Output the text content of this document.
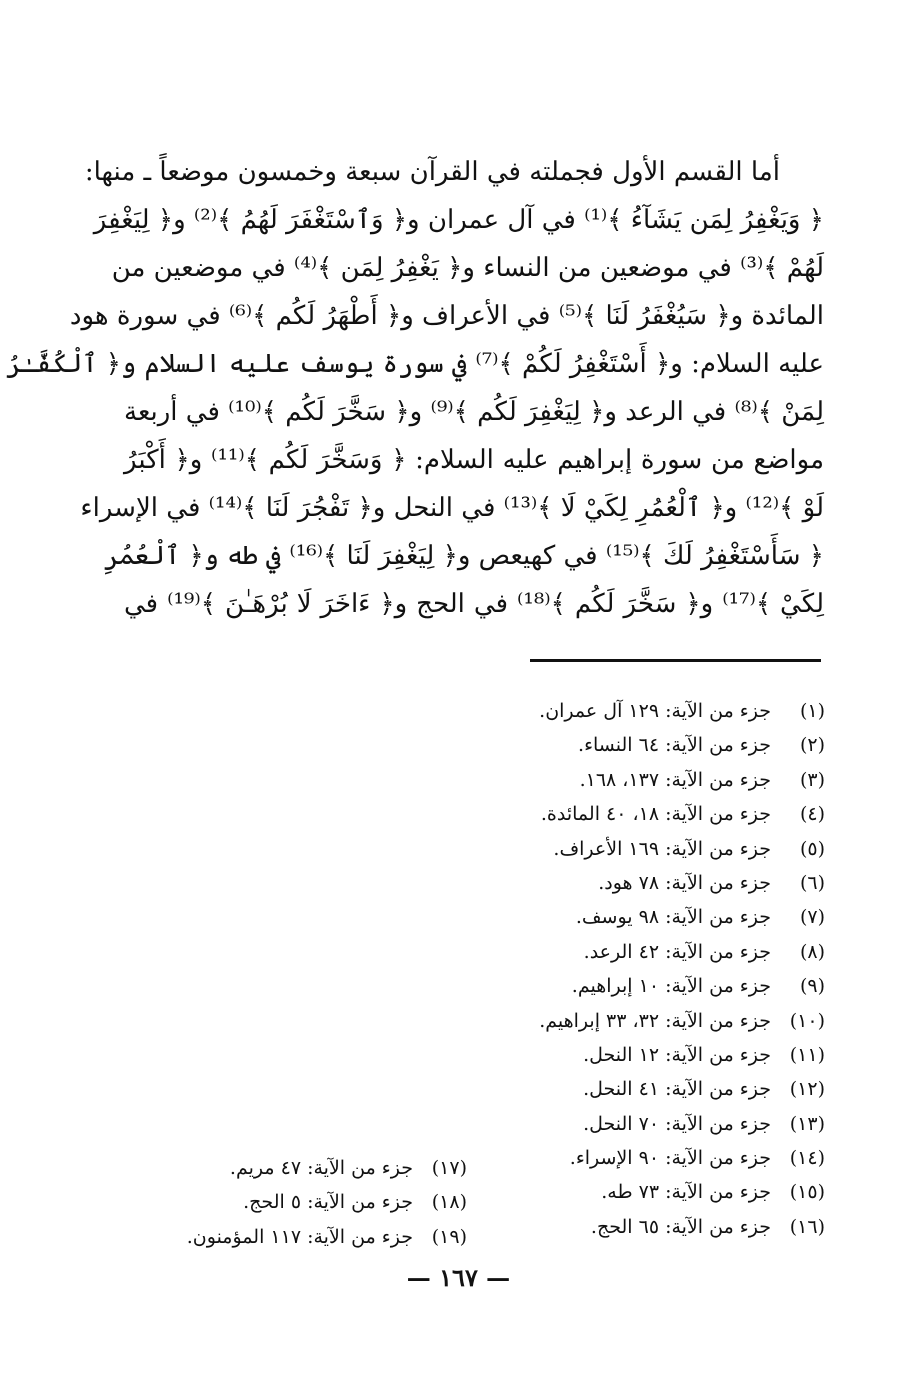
أما القسم الأول فجملته في القرآن سبعة وخمسون موضعاً ـ منها:
﴿ وَيَغْفِرُ لِمَن يَشَآءُ ﴾⁽¹⁾ في آل عمران و﴿ وَٱسْتَغْفَرَ لَهُمُ ﴾⁽²⁾ و﴿ لِيَغْفِرَ
لَهُمْ ﴾⁽³⁾ في موضعين من النساء و﴿ يَغْفِرُ لِمَن ﴾⁽⁴⁾ في موضعين من
المائدة و﴿ سَيُغْفَرُ لَنَا ﴾⁽⁵⁾ في الأعراف و﴿ أَطْهَرُ لَكُم ﴾⁽⁶⁾ في سورة هود
عليه السلام: و﴿ أَسْتَغْفِرُ لَكُمْ ﴾⁽⁷⁾ في سورة يوسف عليه السلام و﴿ ٱلْكُفَّـٰرُ
لِمَنْ ﴾⁽⁸⁾ في الرعد و﴿ لِيَغْفِرَ لَكُم ﴾⁽⁹⁾ و﴿ سَخَّرَ لَكُم ﴾⁽¹⁰⁾ في أربعة
مواضع من سورة إبراهيم عليه السلام: ﴿ وَسَخَّرَ لَكُم ﴾⁽¹¹⁾ و﴿ أَكْبَرُ
لَوْ ﴾⁽¹²⁾ و﴿ ٱلْعُمُرِ لِكَيْ لَا ﴾⁽¹³⁾ في النحل و﴿ تَفْجُرَ لَنَا ﴾⁽¹⁴⁾ في الإسراء
﴿ سَأَسْتَغْفِرُ لَكَ ﴾⁽¹⁵⁾ في كهيعص و﴿ لِيَغْفِرَ لَنَا ﴾⁽¹⁶⁾ في طه و﴿ ٱلْعُمُرِ
لِكَيْ ﴾⁽¹⁷⁾ و﴿ سَخَّرَ لَكُم ﴾⁽¹⁸⁾ في الحج و﴿ ءَاخَرَ لَا بُرْهَـٰنَ ﴾⁽¹⁹⁾ في
(١) جزء من الآية: ١٢٩ آل عمران.
(٢) جزء من الآية: ٦٤ النساء.
(٣) جزء من الآية: ١٣٧، ١٦٨.
(٤) جزء من الآية: ١٨، ٤٠ المائدة.
(٥) جزء من الآية: ١٦٩ الأعراف.
(٦) جزء من الآية: ٧٨ هود.
(٧) جزء من الآية: ٩٨ يوسف.
(٨) جزء من الآية: ٤٢ الرعد.
(٩) جزء من الآية: ١٠ إبراهيم.
(١٠) جزء من الآية: ٣٢، ٣٣ إبراهيم.
(١١) جزء من الآية: ١٢ النحل.
(١٢) جزء من الآية: ٤١ النحل.
(١٣) جزء من الآية: ٧٠ النحل.
(١٤) جزء من الآية: ٩٠ الإسراء.
(١٥) جزء من الآية: ٧٣ طه.
(١٦) جزء من الآية: ٦٥ الحج.
(١٧) جزء من الآية: ٤٧ مريم.
(١٨) جزء من الآية: ٥ الحج.
(١٩) جزء من الآية: ١١٧ المؤمنون.
— ١٦٧ —
